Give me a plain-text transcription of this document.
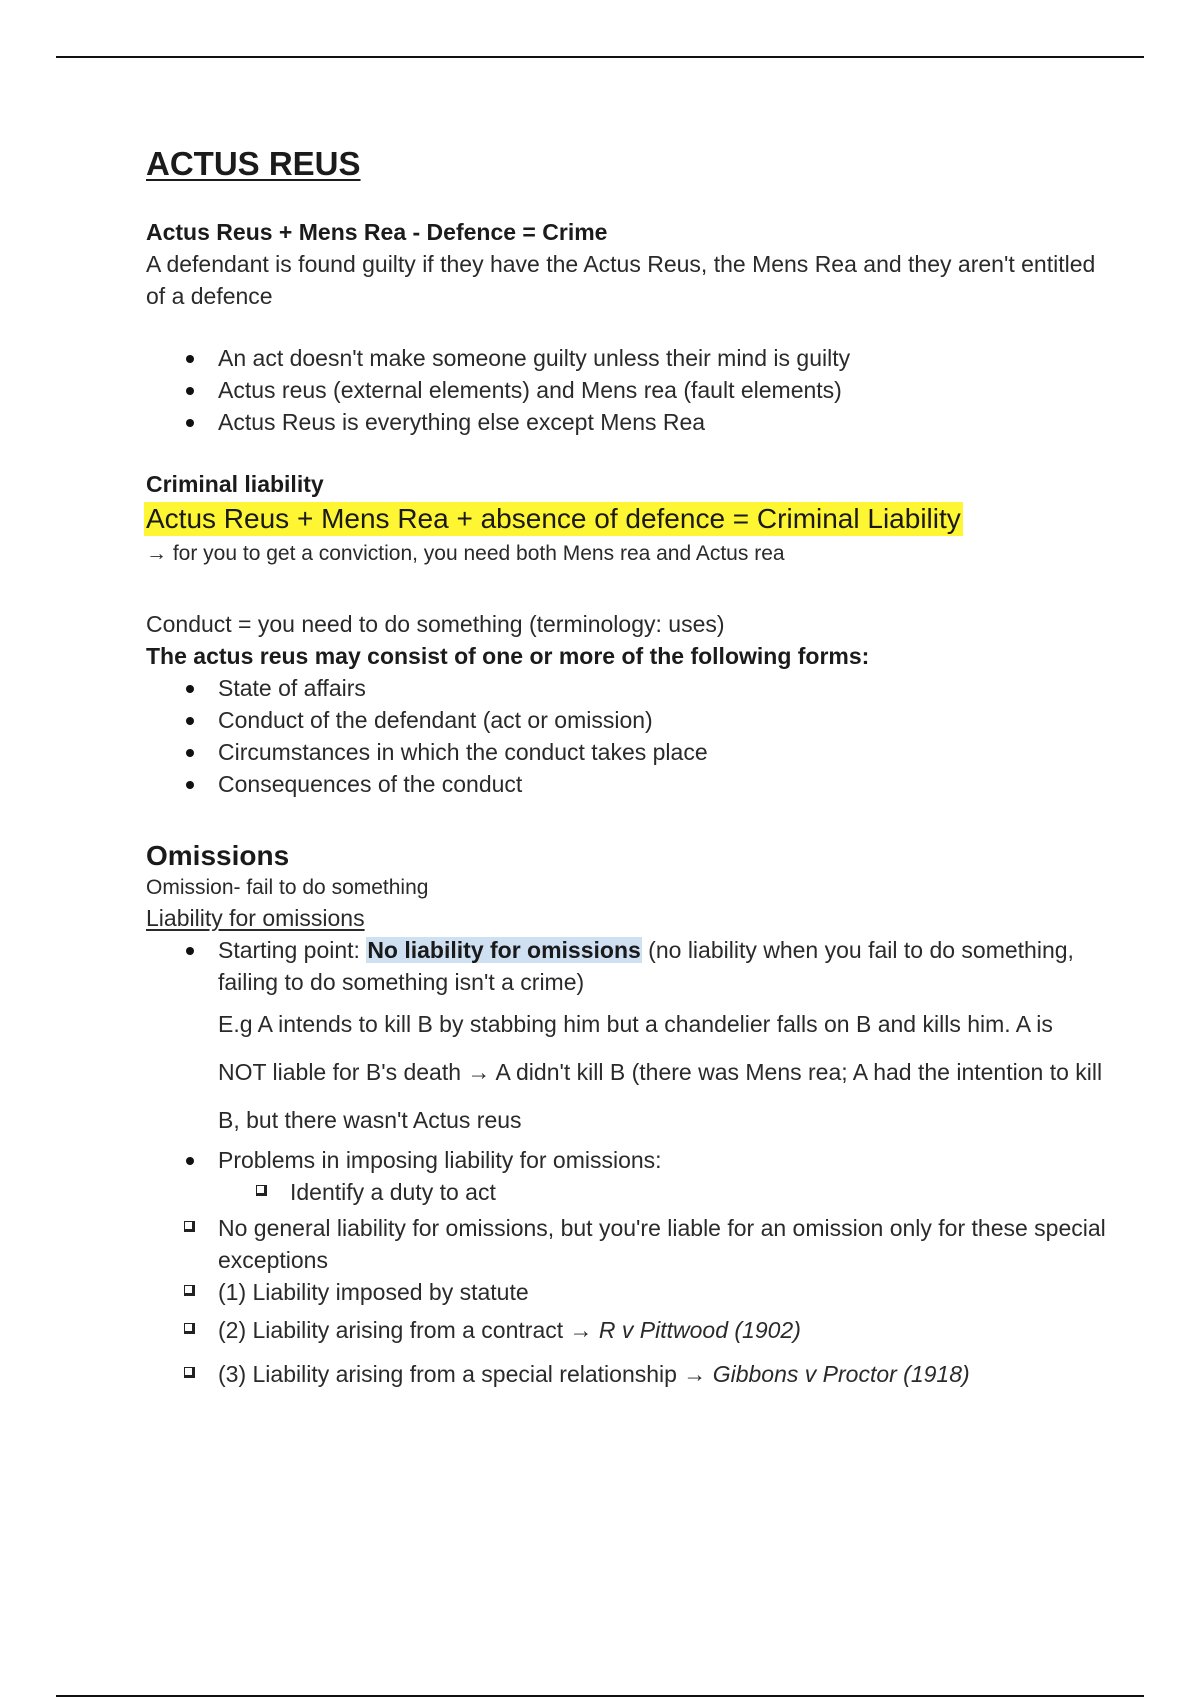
ACTUS REUS
Actus Reus + Mens Rea - Defence = Crime
A defendant is found guilty if they have the Actus Reus, the Mens Rea and they aren't entitled of a defence
An act doesn't make someone guilty unless their mind is guilty
Actus reus (external elements) and Mens rea (fault elements)
Actus Reus is everything else except Mens Rea
Criminal liability
Actus Reus + Mens Rea + absence of defence = Criminal Liability
→ for you to get a conviction, you need both Mens rea and Actus rea
Conduct = you need to do something (terminology: uses)
The actus reus may consist of one or more of the following forms:
State of affairs
Conduct of the defendant (act or omission)
Circumstances in which the conduct takes place
Consequences of the conduct
Omissions
Omission- fail to do something
Liability for omissions
Starting point: No liability for omissions (no liability when you fail to do something, failing to do something isn't a crime)
E.g A intends to kill B by stabbing him but a chandelier falls on B and kills him. A is NOT liable for B's death → A didn't kill B (there was Mens rea; A had the intention to kill B, but there wasn't Actus reus
Problems in imposing liability for omissions:
Identify a duty to act
No general liability for omissions, but you're liable for an omission only for these special exceptions
(1) Liability imposed by statute
(2) Liability arising from a contract → R v Pittwood (1902)
(3) Liability arising from a special relationship → Gibbons v Proctor (1918)
